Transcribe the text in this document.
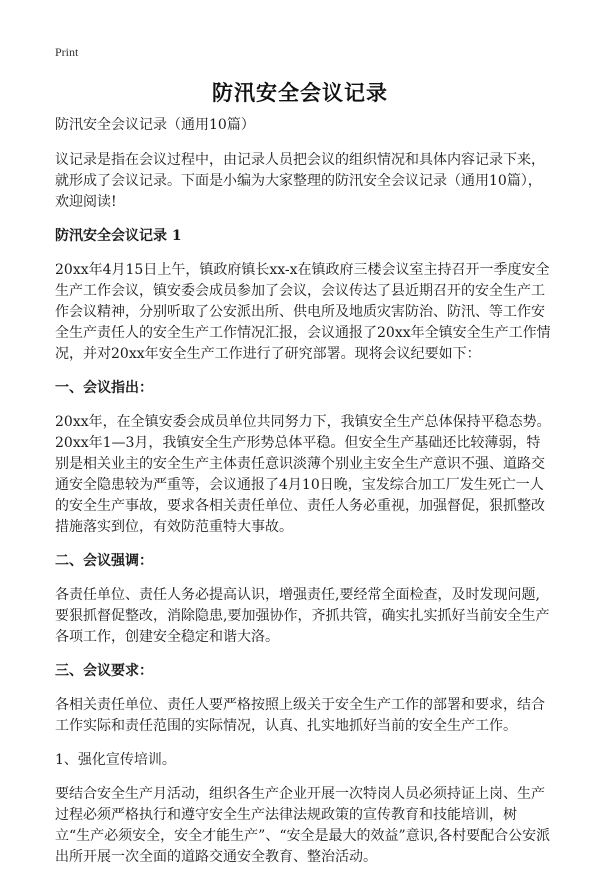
Print
防汛安全会议记录

防汛安全会议记录（通用10篇）

议记录是指在会议过程中，由记录人员把会议的组织情况和具体内容记录下来，就形成了会议记录。下面是小编为大家整理的防汛安全会议记录（通用10篇），欢迎阅读!

防汛安全会议记录 1

20xx年4月15日上午，镇政府镇长xx-x在镇政府三楼会议室主持召开一季度安全生产工作会议，镇安委会成员参加了会议，会议传达了县近期召开的安全生产工作会议精神，分别听取了公安派出所、供电所及地质灾害防治、防汛、等工作安全生产责任人的安全生产工作情况汇报，会议通报了20xx年全镇安全生产工作情况，并对20xx年安全生产工作进行了研究部署。现将会议纪要如下：

一、会议指出：

20xx年，在全镇安委会成员单位共同努力下，我镇安全生产总体保持平稳态势。20xx年1—3月，我镇安全生产形势总体平稳。但安全生产基础还比较薄弱，特别是相关业主的安全生产主体责任意识淡薄个别业主安全生产意识不强、道路交通安全隐患较为严重等，会议通报了4月10日晚，宝发综合加工厂发生死亡一人的安全生产事故，要求各相关责任单位、责任人务必重视，加强督促，狠抓整改措施落实到位，有效防范重特大事故。

二、会议强调：

各责任单位、责任人务必提高认识，增强责任,要经常全面检查，及时发现问题,要狠抓督促整改，消除隐患,要加强协作，齐抓共管，确实扎实抓好当前安全生产各项工作，创建安全稳定和谐大洛。

三、会议要求：

各相关责任单位、责任人要严格按照上级关于安全生产工作的部署和要求，结合工作实际和责任范围的实际情况，认真、扎实地抓好当前的安全生产工作。

1、强化宣传培训。

要结合安全生产月活动，组织各生产企业开展一次特岗人员必须持证上岗、生产过程必须严格执行和遵守安全生产法律法规政策的宣传教育和技能培训，树立“生产必须安全，安全才能生产”、“安全是最大的效益”意识,各村要配合公安派出所开展一次全面的道路交通安全教育、整治活动。
